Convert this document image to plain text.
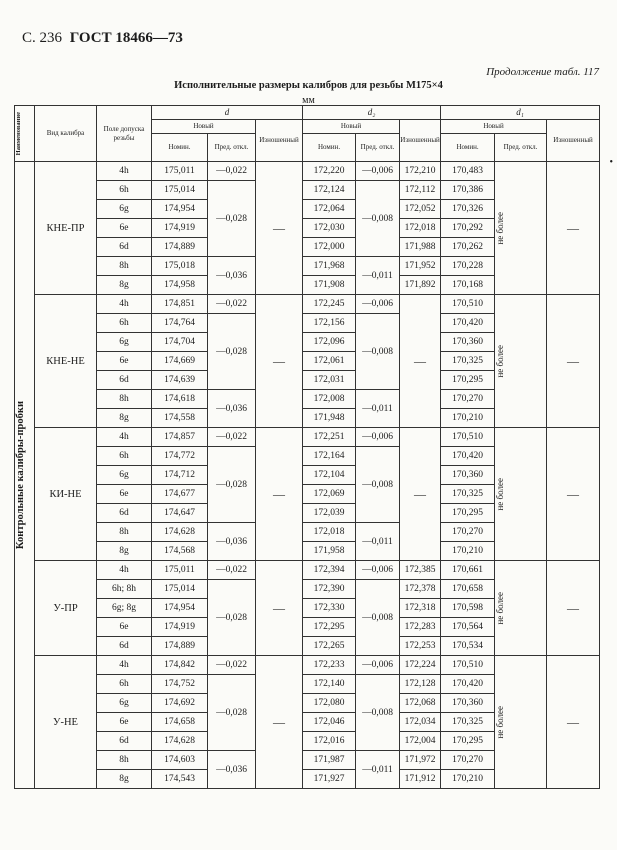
С. 236 ГОСТ 18466—73
Продолжение табл. 117
Исполнительные размеры калибров для резьбы М175×4
мм
•
Наименование	Вид калибра	Поле допуска резьбы	d			d₂			d₁		
			Новый		Изношенный	Новый		Изношенный	Новый		Изношенный
			Номин.	Пред. откл.		Номин.	Пред. откл.		Номин.	Пред. откл.	

Контрольные калибры-пробки	КНЕ-ПР	4h	175,011	—0,022	—	172,220	—0,006	172,210	170,483	не более	—
		6h	175,014	—0,028		172,124	—0,008	172,112	170,386		
		6g	174,954			172,064		172,052	170,326		
		6e	174,919			172,030		172,018	170,292		
		6d	174,889			172,000		171,988	170,262		
		8h	175,018	—0,036		171,968	—0,011	171,952	170,228		
		8g	174,958			171,908		171,892	170,168		
	КНЕ-НЕ	4h	174,851	—0,022	—	172,245	—0,006	—	170,510	не более	—
		6h	174,764	—0,028		172,156	—0,008		170,420		
		6g	174,704			172,096			170,360		
		6e	174,669			172,061			170,325		
		6d	174,639			172,031			170,295		
		8h	174,618	—0,036		172,008	—0,011		170,270		
		8g	174,558			171,948			170,210		
	КИ-НЕ	4h	174,857	—0,022	—	172,251	—0,006	—	170,510	не более	—
		6h	174,772	—0,028		172,164	—0,008		170,420		
		6g	174,712			172,104			170,360		
		6e	174,677			172,069			170,325		
		6d	174,647			172,039			170,295		
		8h	174,628	—0,036		172,018	—0,011		170,270		
		8g	174,568			171,958			170,210		
	У-ПР	4h	175,011	—0,022	—	172,394	—0,006	172,385	170,661	не более	—
		6h; 8h	175,014	—0,028		172,390	—0,008	172,378	170,658		
		6g; 8g	174,954			172,330		172,318	170,598		
		6e	174,919			172,295		172,283	170,564		
		6d	174,889			172,265		172,253	170,534		
	У-НЕ	4h	174,842	—0,022	—	172,233	—0,006	172,224	170,510	не более	—
		6h	174,752	—0,028		172,140	—0,008	172,128	170,420		
		6g	174,692			172,080		172,068	170,360		
		6e	174,658			172,046		172,034	170,325		
		6d	174,628			172,016		172,004	170,295		
		8h	174,603	—0,036		171,987	—0,011	171,972	170,270		
		8g	174,543			171,927		171,912	170,210		
